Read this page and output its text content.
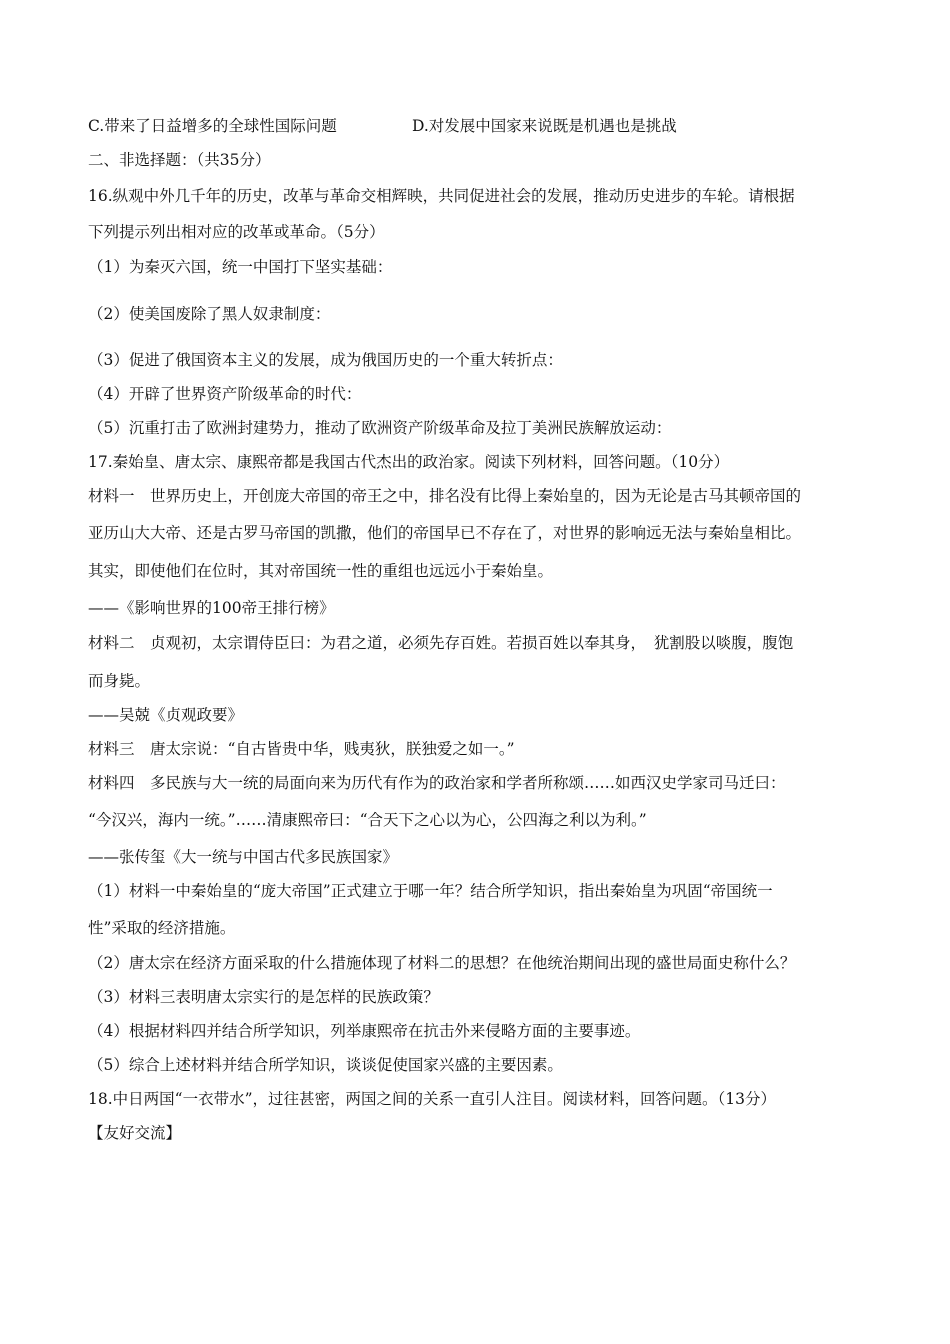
C.带来了日益增多的全球性国际问题	D.对发展中国家来说既是机遇也是挑战
二、非选择题：（共35分）
16.纵观中外几千年的历史，改革与革命交相辉映，共同促进社会的发展，推动历史进步的车轮。请根据
下列提示列出相对应的改革或革命。（5分）
（1）为秦灭六国，统一中国打下坚实基础：
（2）使美国废除了黑人奴隶制度：
（3）促进了俄国资本主义的发展，成为俄国历史的一个重大转折点：
（4）开辟了世界资产阶级革命的时代：
（5）沉重打击了欧洲封建势力，推动了欧洲资产阶级革命及拉丁美洲民族解放运动：
17.秦始皇、唐太宗、康熙帝都是我国古代杰出的政治家。阅读下列材料，回答问题。（10分）
材料一　世界历史上，开创庞大帝国的帝王之中，排名没有比得上秦始皇的，因为无论是古马其顿帝国的
亚历山大大帝、还是古罗马帝国的凯撒，他们的帝国早已不存在了，对世界的影响远无法与秦始皇相比。
其实，即使他们在位时，其对帝国统一性的重组也远远小于秦始皇。
——《影响世界的100帝王排行榜》
材料二　贞观初，太宗谓侍臣曰：为君之道，必须先存百姓。若损百姓以奉其身，　犹割股以啖腹，腹饱
而身毙。
——吴兢《贞观政要》
材料三　唐太宗说：“自古皆贵中华，贱夷狄，朕独爱之如一。”
材料四　多民族与大一统的局面向来为历代有作为的政治家和学者所称颂……如西汉史学家司马迁曰：
“今汉兴，海内一统。”……清康熙帝曰：“合天下之心以为心，公四海之利以为利。”
——张传玺《大一统与中国古代多民族国家》
（1）材料一中秦始皇的“庞大帝国”正式建立于哪一年？结合所学知识，指出秦始皇为巩固“帝国统一
性”采取的经济措施。
（2）唐太宗在经济方面采取的什么措施体现了材料二的思想？在他统治期间出现的盛世局面史称什么？
（3）材料三表明唐太宗实行的是怎样的民族政策？
（4）根据材料四并结合所学知识，列举康熙帝在抗击外来侵略方面的主要事迹。
（5）综合上述材料并结合所学知识，谈谈促使国家兴盛的主要因素。
18.中日两国“一衣带水”，过往甚密，两国之间的关系一直引人注目。阅读材料，回答问题。（13分）
【友好交流】
